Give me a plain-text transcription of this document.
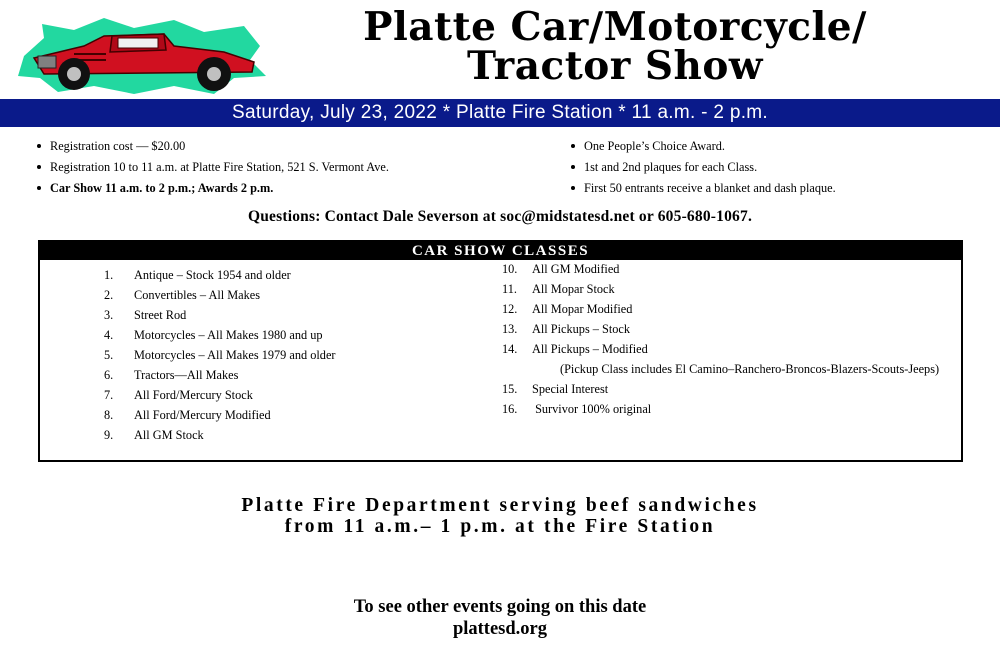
Platte Car/Motorcycle/
Tractor Show
Saturday, July 23, 2022 * Platte Fire Station * 11 a.m. - 2 p.m.
Registration cost — $20.00
Registration 10 to 11 a.m. at Platte Fire Station, 521 S. Vermont Ave.
Car Show 11 a.m. to 2 p.m.; Awards 2 p.m.
One People’s Choice Award.
1st and 2nd plaques for each Class.
First 50 entrants receive a blanket and dash plaque.
Questions: Contact Dale Severson at soc@midstatesd.net or 605-680-1067.
CAR SHOW CLASSES
1. Antique – Stock 1954 and older
2. Convertibles – All Makes
3. Street Rod
4. Motorcycles – All Makes 1980 and up
5. Motorcycles – All Makes 1979 and older
6. Tractors—All Makes
7. All Ford/Mercury Stock
8. All Ford/Mercury Modified
9. All GM Stock
10. All GM Modified
11. All Mopar Stock
12. All Mopar Modified
13. All Pickups – Stock
14. All Pickups – Modified
(Pickup Class includes El Camino–Ranchero-Broncos-Blazers-Scouts-Jeeps)
15. Special Interest
16. Survivor 100% original
Platte Fire Department serving beef sandwiches
from 11 a.m.– 1 p.m. at the Fire Station
To see other events going on this date
plattesd.org
